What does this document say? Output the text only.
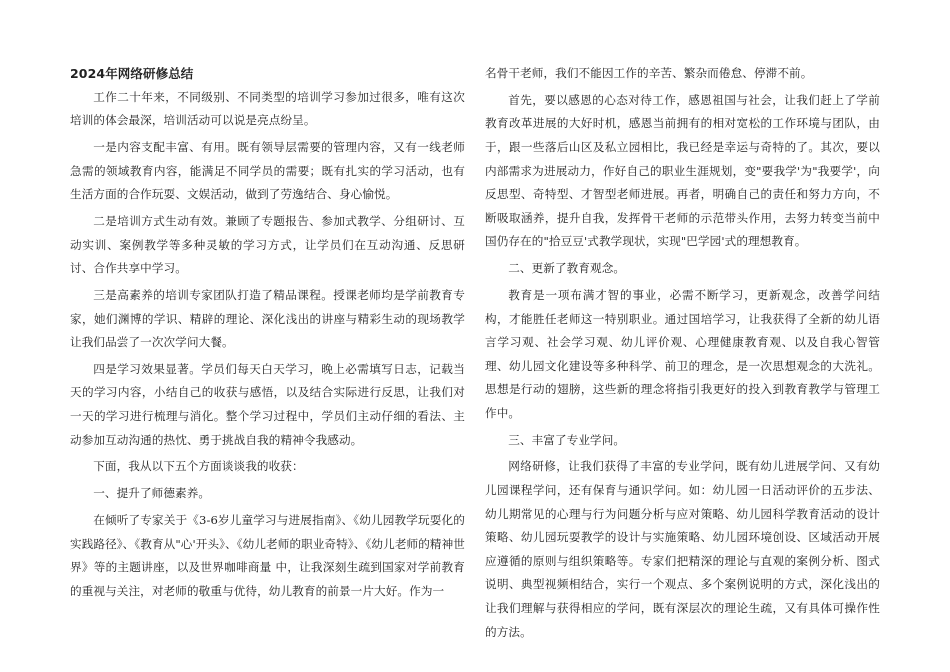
2024年网络研修总结

工作二十年来，不同级别、不同类型的培训学习参加过很多，唯有这次培训的体会最深，培训活动可以说是亮点纷呈。

一是内容支配丰富、有用。既有领导层需要的管理内容，又有一线老师急需的领域教育内容，能满足不同学员的需要；既有扎实的学习活动，也有生活方面的合作玩耍、文娱活动，做到了劳逸结合、身心愉悦。

二是培训方式生动有效。兼顾了专题报告、参加式教学、分组研讨、互动实训、案例教学等多种灵敏的学习方式，让学员们在互动沟通、反思研讨、合作共享中学习。

三是高素养的培训专家团队打造了精品课程。授课老师均是学前教育专家，她们渊博的学识、精辟的理论、深化浅出的讲座与精彩生动的现场教学让我们品尝了一次次学问大餐。

四是学习效果显著。学员们每天白天学习，晚上必需填写日志，记载当天的学习内容，小结自己的收获与感悟，以及结合实际进行反思，让我们对一天的学习进行梳理与消化。整个学习过程中，学员们主动仔细的看法、主动参加互动沟通的热忱、勇于挑战自我的精神令我感动。

下面，我从以下五个方面谈谈我的收获：

一、提升了师德素养。

在倾听了专家关于《3-6岁儿童学习与进展指南》、《幼儿园教学玩耍化的实践路径》、《教育从"心'开头》、《幼儿老师的职业奇特》、《幼儿老师的精神世界》等的主题讲座，以及世界咖啡商量 中，让我深刻生疏到国家对学前教育的重视与关注，对老师的敬重与优待，幼儿教育的前景一片大好。作为一

名骨干老师，我们不能因工作的辛苦、繁杂而倦怠、停滞不前。

首先，要以感恩的心态对待工作，感恩祖国与社会，让我们赶上了学前教育改革进展的大好时机，感恩当前拥有的相对宽松的工作环境与团队，由于，跟一些落后山区及私立园相比，我已经是幸运与奇特的了。其次，要以内部需求为进展动力，作好自己的职业生涯规划，变"要我学'为"我要学'，向反思型、奇特型、才智型老师进展。再者，明确自己的责任和努力方向，不断吸取涵养，提升自我，发挥骨干老师的示范带头作用，去努力转变当前中国仍存在的"拾豆豆'式教学现状，实现"巴学园'式的理想教育。

二、更新了教育观念。

教育是一项布满才智的事业，必需不断学习，更新观念，改善学问结构，才能胜任老师这一特别职业。通过国培学习，让我获得了全新的幼儿语言学习观、社会学习观、幼儿评价观、心理健康教育观、以及自我心智管理、幼儿园文化建设等多种科学、前卫的理念，是一次思想观念的大洗礼。思想是行动的翅膀，这些新的理念将指引我更好的投入到教育教学与管理工作中。

三、丰富了专业学问。

网络研修，让我们获得了丰富的专业学问，既有幼儿进展学问、又有幼儿园课程学问，还有保育与通识学问。如：幼儿园一日活动评价的五步法、幼儿期常见的心理与行为问题分析与应对策略、幼儿园科学教育活动的设计策略、幼儿园玩耍教学的设计与实施策略、幼儿园环境创设、区域活动开展应遵循的原则与组织策略等。专家们把精深的理论与直观的案例分析、图式说明、典型视频相结合，实行一个观点、多个案例说明的方式，深化浅出的让我们理解与获得相应的学问，既有深层次的理论生疏，又有具体可操作性的方法。
